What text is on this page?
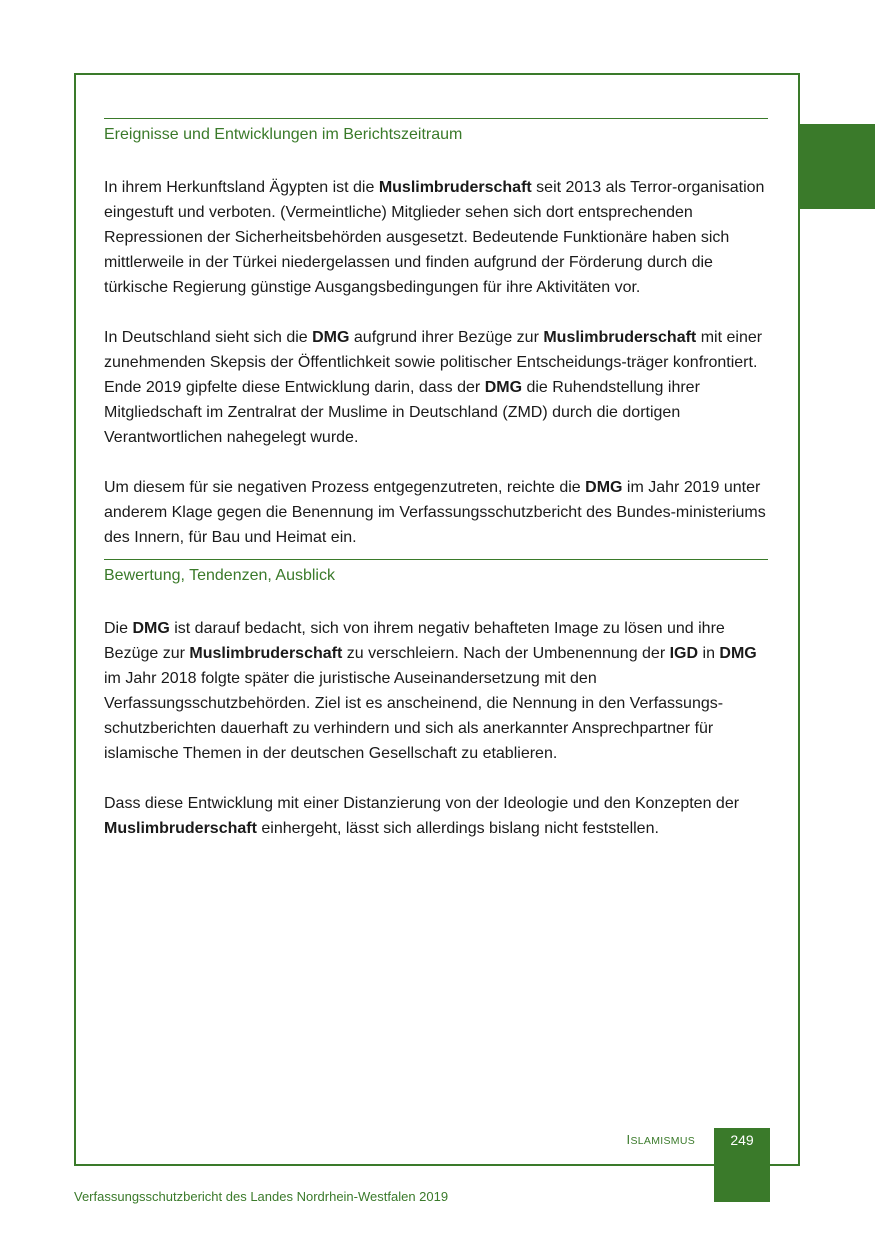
Ereignisse und Entwicklungen im Berichtszeitraum

In ihrem Herkunftsland Ägypten ist die Muslimbruderschaft seit 2013 als Terror-organisation eingestuft und verboten. (Vermeintliche) Mitglieder sehen sich dort entsprechenden Repressionen der Sicherheitsbehörden ausgesetzt. Bedeutende Funktionäre haben sich mittlerweile in der Türkei niedergelassen und finden aufgrund der Förderung durch die türkische Regierung günstige Ausgangsbedingungen für ihre Aktivitäten vor.

In Deutschland sieht sich die DMG aufgrund ihrer Bezüge zur Muslimbruderschaft mit einer zunehmenden Skepsis der Öffentlichkeit sowie politischer Entscheidungs-träger konfrontiert. Ende 2019 gipfelte diese Entwicklung darin, dass der DMG die Ruhendstellung ihrer Mitgliedschaft im Zentralrat der Muslime in Deutschland (ZMD) durch die dortigen Verantwortlichen nahegelegt wurde.

Um diesem für sie negativen Prozess entgegenzutreten, reichte die DMG im Jahr 2019 unter anderem Klage gegen die Benennung im Verfassungsschutzbericht des Bundes-ministeriums des Innern, für Bau und Heimat ein.

Bewertung, Tendenzen, Ausblick

Die DMG ist darauf bedacht, sich von ihrem negativ behafteten Image zu lösen und ihre Bezüge zur Muslimbruderschaft zu verschleiern. Nach der Umbenennung der IGD in DMG im Jahr 2018 folgte später die juristische Auseinandersetzung mit den Verfassungsschutzbehörden. Ziel ist es anscheinend, die Nennung in den Verfassungs-schutzberichten dauerhaft zu verhindern und sich als anerkannter Ansprechpartner für islamische Themen in der deutschen Gesellschaft zu etablieren.

Dass diese Entwicklung mit einer Distanzierung von der Ideologie und den Konzepten der Muslimbruderschaft einhergeht, lässt sich allerdings bislang nicht feststellen.

ISLAMISMUS	249
Verfassungsschutzbericht des Landes Nordrhein-Westfalen 2019
